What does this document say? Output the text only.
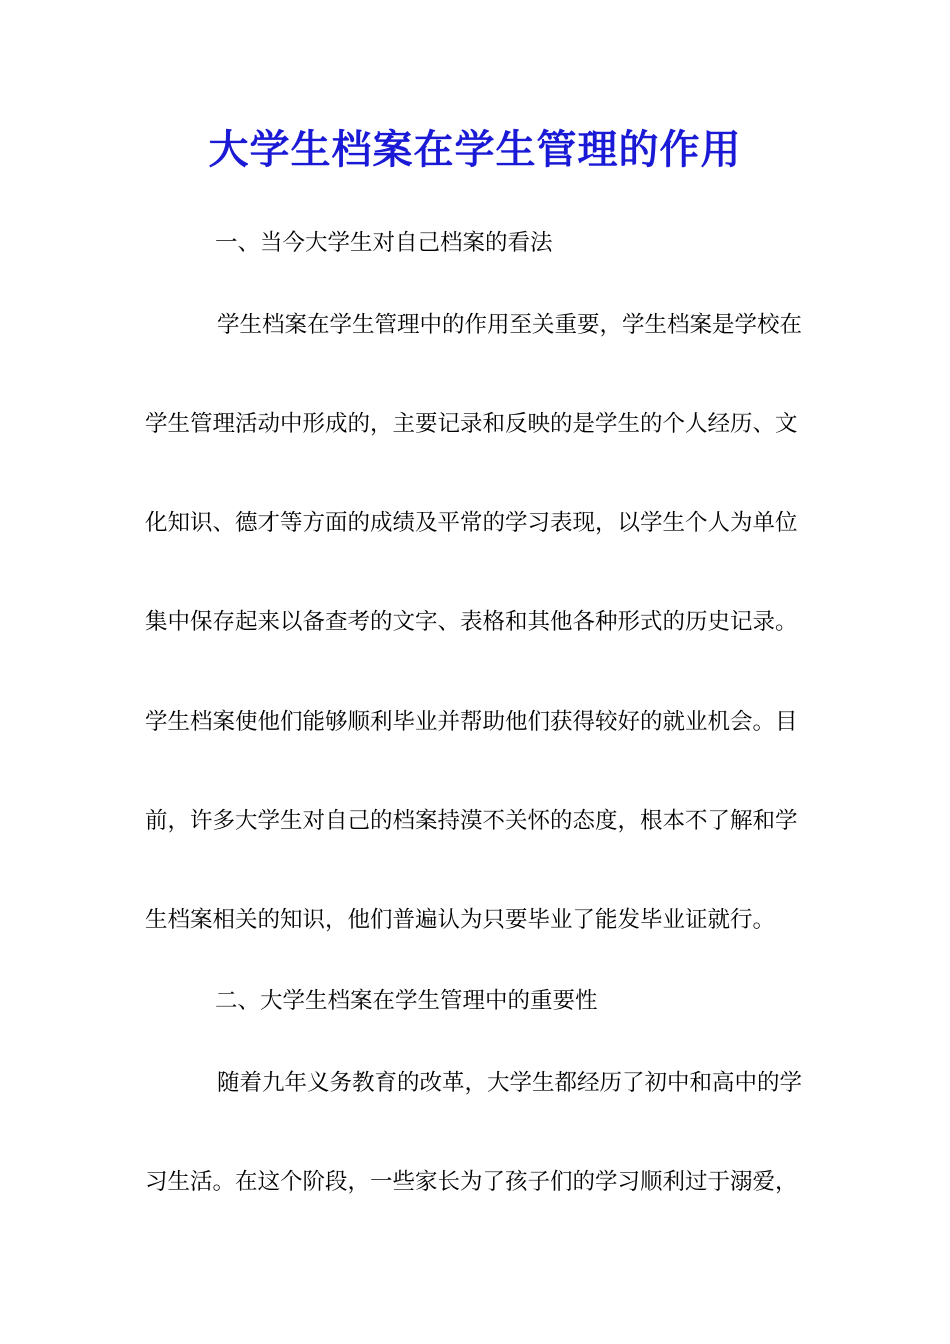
大学生档案在学生管理的作用
一、当今大学生对自己档案的看法
学生档案在学生管理中的作用至关重要，学生档案是学校在
学生管理活动中形成的，主要记录和反映的是学生的个人经历、文
化知识、德才等方面的成绩及平常的学习表现，以学生个人为单位
集中保存起来以备查考的文字、表格和其他各种形式的历史记录。
学生档案使他们能够顺利毕业并帮助他们获得较好的就业机会。目
前，许多大学生对自己的档案持漠不关怀的态度，根本不了解和学
生档案相关的知识，他们普遍认为只要毕业了能发毕业证就行。
二、大学生档案在学生管理中的重要性
随着九年义务教育的改革，大学生都经历了初中和高中的学
习生活。在这个阶段，一些家长为了孩子们的学习顺利过于溺爱，
